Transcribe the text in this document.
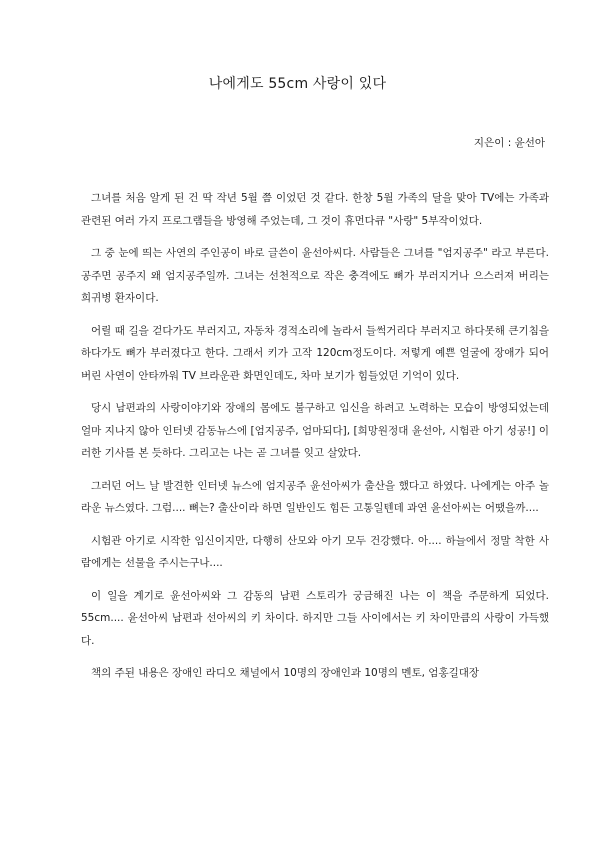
나에게도 55cm 사랑이 있다
지은이 : 윤선아

그녀를 처음 알게 된 건 딱 작년 5월 쯤 이었던 것 같다. 한창 5월 가족의 달을 맞아 TV에는 가족과 관련된 여러 가지 프로그램들을 방영해 주었는데, 그 것이 휴먼다큐 "사랑" 5부작이었다.

그 중 눈에 띄는 사연의 주인공이 바로 글쓴이 윤선아씨다. 사람들은 그녀를 "엄지공주" 라고 부른다. 공주면 공주지 왜 엄지공주일까. 그녀는 선천적으로 작은 충격에도 뼈가 부러지거나 으스러져 버리는 희귀병 환자이다.

어릴 때 길을 걷다가도 부러지고, 자동차 경적소리에 놀라서 들썩거리다 부러지고 하다못해 큰기침을 하다가도 뼈가 부러졌다고 한다. 그래서 키가 고작 120cm정도이다. 저렇게 예쁜 얼굴에 장애가 되어버린 사연이 안타까워 TV 브라운관 화면인데도, 차마 보기가 힘들었던 기억이 있다.

당시 남편과의 사랑이야기와 장애의 몸에도 불구하고 임신을 하려고 노력하는 모습이 방영되었는데 얼마 지나지 않아 인터넷 감동뉴스에 [엄지공주, 엄마되다], [희망원정대 윤선아, 시험관 아기 성공!] 이러한 기사를 본 듯하다. 그리고는 나는 곧 그녀를 잊고 살았다.

그러던 어느 날 발견한 인터넷 뉴스에 엄지공주 윤선아씨가 출산을 했다고 하였다. 나에게는 아주 놀라운 뉴스였다. 그럼.... 뼈는? 출산이라 하면 일반인도 힘든 고통일텐데 과연 윤선아씨는 어땠을까....

시험관 아기로 시작한 임신이지만, 다행히 산모와 아기 모두 건강했다. 아.... 하늘에서 정말 착한 사람에게는 선물을 주시는구나....

이 일을 계기로 윤선아씨와 그 감동의 남편 스토리가 궁금해진 나는 이 책을 주문하게 되었다. 55cm.... 윤선아씨 남편과 선아씨의 키 차이다. 하지만 그들 사이에서는 키 차이만큼의 사랑이 가득했다.

책의 주된 내용은 장애인 라디오 채널에서 10명의 장애인과 10명의 멘토, 엄홍길대장
